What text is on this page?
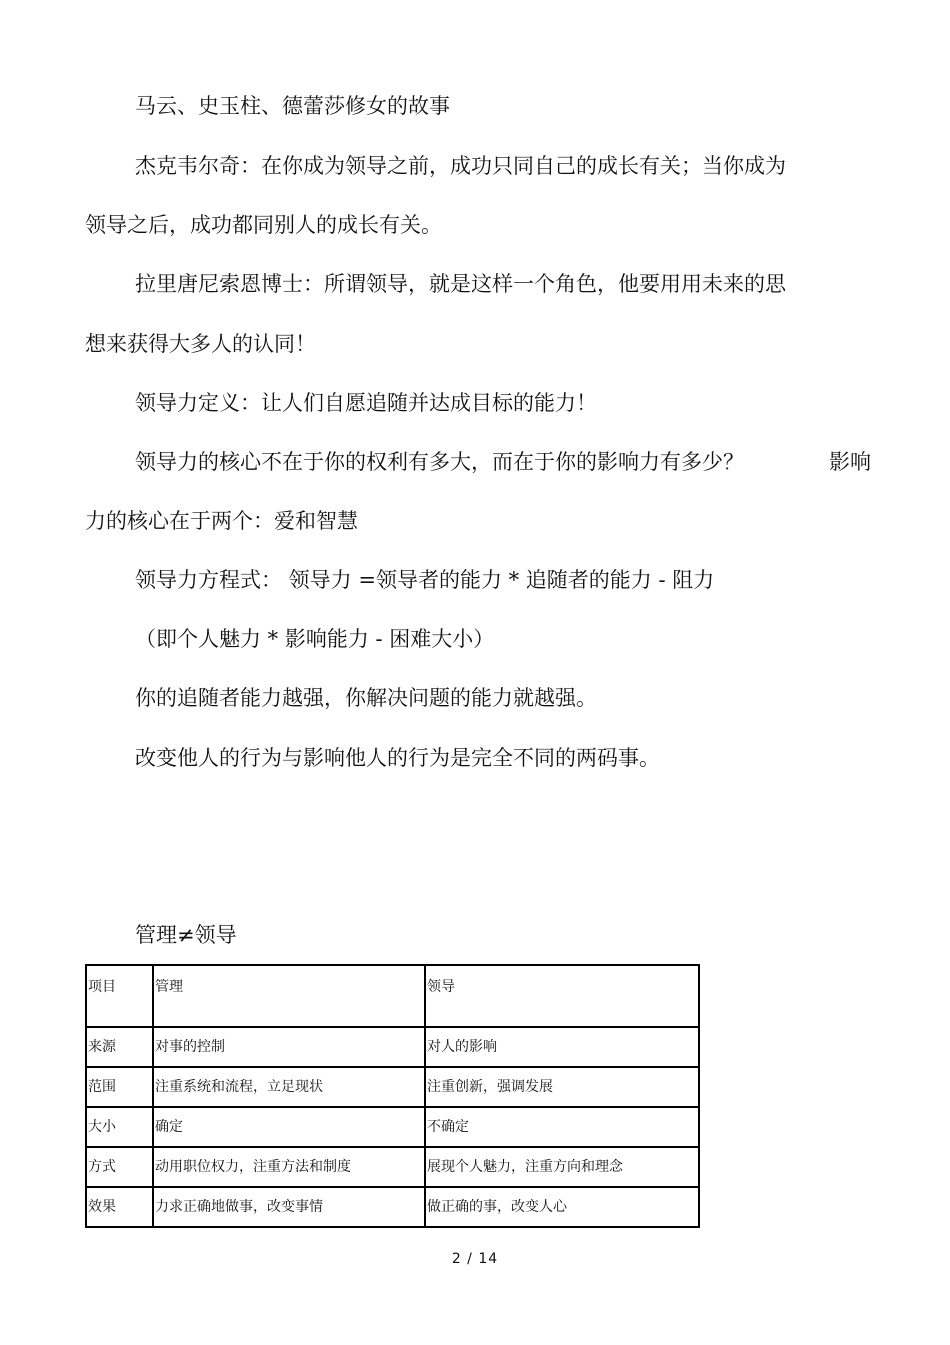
马云、史玉柱、德蕾莎修女的故事
杰克韦尔奇：在你成为领导之前，成功只同自己的成长有关；当你成为
领导之后，成功都同别人的成长有关。
拉里唐尼索恩博士：所谓领导，就是这样一个角色，他要用用未来的思
想来获得大多人的认同！
领导力定义：让人们自愿追随并达成目标的能力！
领导力的核心不在于你的权利有多大，而在于你的影响力有多少？	影响
力的核心在于两个：爱和智慧
领导力方程式： 领导力 =领导者的能力 * 追随者的能力 - 阻力
（即个人魅力 * 影响能力 - 困难大小）
你的追随者能力越强，你解决问题的能力就越强。
改变他人的行为与影响他人的行为是完全不同的两码事。
管理≠领导
项目	管理	领导
来源	对事的控制	对人的影响
范围	注重系统和流程，立足现状	注重创新，强调发展
大小	确定	不确定
方式	动用职位权力，注重方法和制度	展现个人魅力，注重方向和理念
效果	力求正确地做事，改变事情	做正确的事，改变人心
2 / 14
